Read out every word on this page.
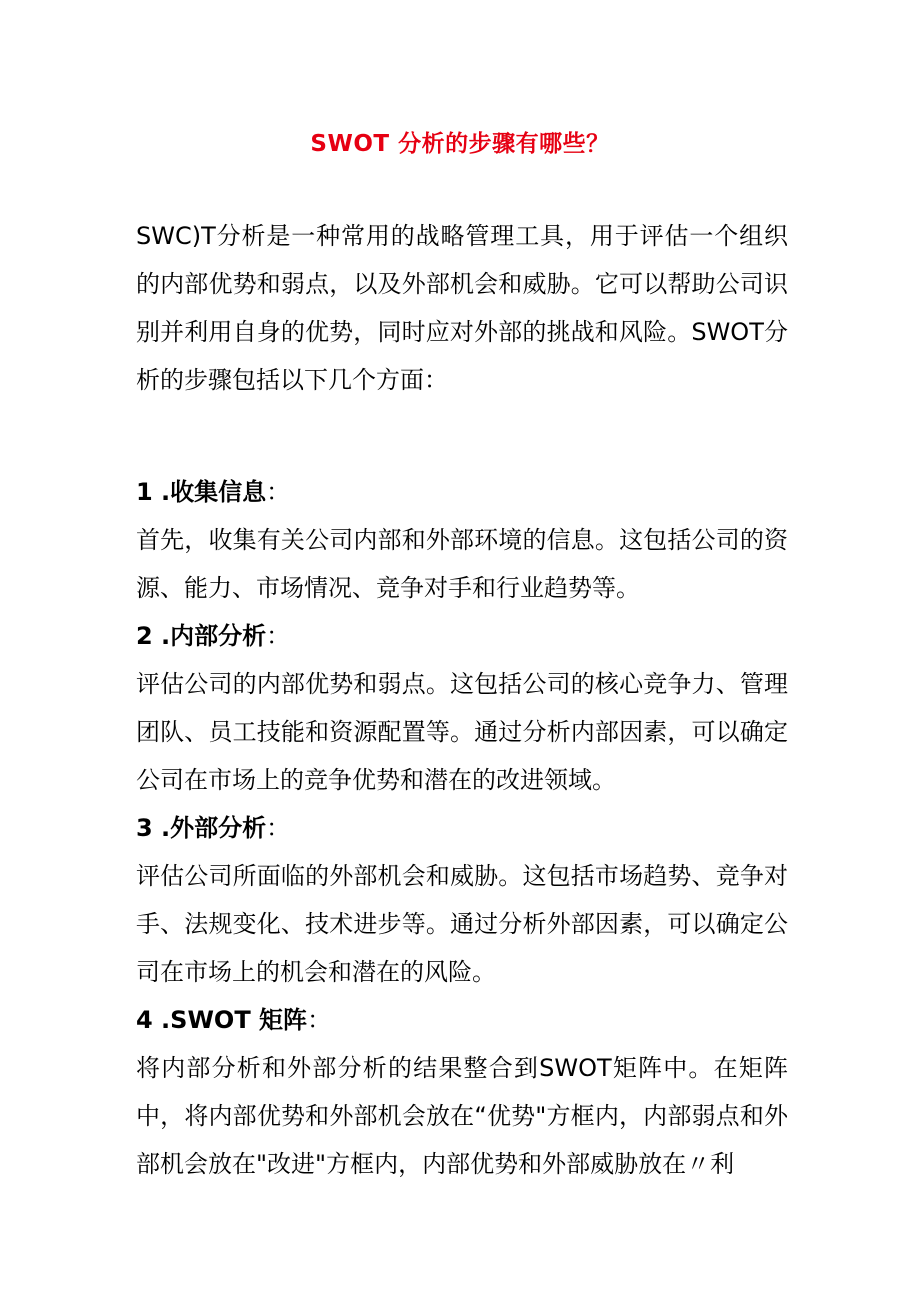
SWOT 分析的步骤有哪些？

SWC)T分析是一种常用的战略管理工具，用于评估一个组织的内部优势和弱点，以及外部机会和威胁。它可以帮助公司识别并利用自身的优势，同时应对外部的挑战和风险。SWOT分析的步骤包括以下几个方面：

1 .收集信息：

首先，收集有关公司内部和外部环境的信息。这包括公司的资源、能力、市场情况、竞争对手和行业趋势等。

2 .内部分析：

评估公司的内部优势和弱点。这包括公司的核心竞争力、管理团队、员工技能和资源配置等。通过分析内部因素，可以确定公司在市场上的竞争优势和潜在的改进领域。

3 .外部分析：

评估公司所面临的外部机会和威胁。这包括市场趋势、竞争对手、法规变化、技术进步等。通过分析外部因素，可以确定公司在市场上的机会和潜在的风险。

4 .SWOT 矩阵：

将内部分析和外部分析的结果整合到SWOT矩阵中。在矩阵中，将内部优势和外部机会放在“优势"方框内，内部弱点和外部机会放在"改进"方框内，内部优势和外部威胁放在〃利
